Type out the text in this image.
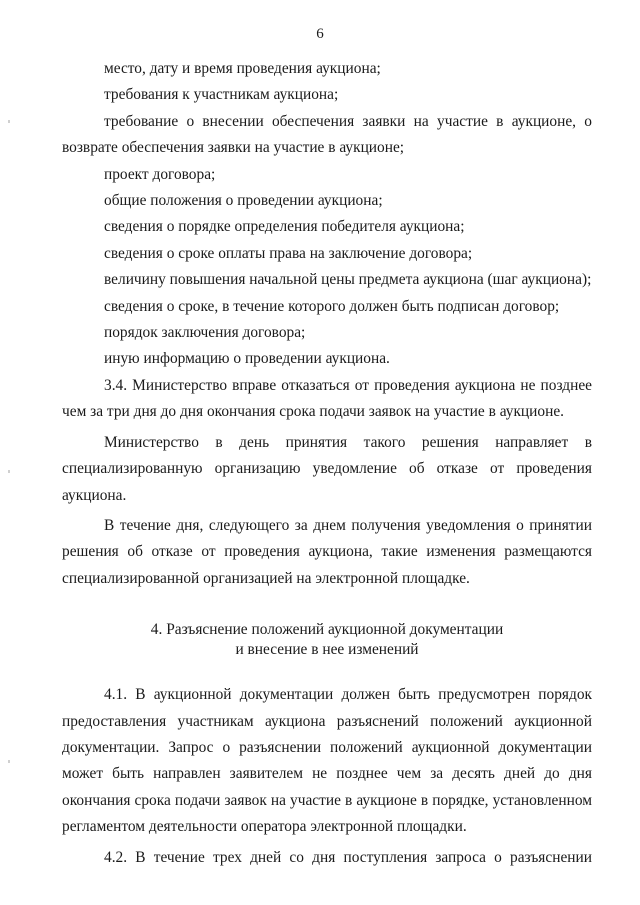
6

место, дату и время проведения аукциона;

требования к участникам аукциона;

требование о внесении обеспечения заявки на участие в аукционе, о возврате обеспечения заявки на участие в аукционе;

проект договора;

общие положения о проведении аукциона;

сведения о порядке определения победителя аукциона;

сведения о сроке оплаты права на заключение договора;

величину повышения начальной цены предмета аукциона (шаг аукциона);

сведения о сроке, в течение которого должен быть подписан договор;

порядок заключения договора;

иную информацию о проведении аукциона.

3.4. Министерство вправе отказаться от проведения аукциона не позднее чем за три дня до дня окончания срока подачи заявок на участие в аукционе.

Министерство в день принятия такого решения направляет в специализированную организацию уведомление об отказе от проведения аукциона.

В течение дня, следующего за днем получения уведомления о принятии решения об отказе от проведения аукциона, такие изменения размещаются специализированной организацией на электронной площадке.

4. Разъяснение положений аукционной документации
и внесение в нее изменений

4.1. В аукционной документации должен быть предусмотрен порядок предоставления участникам аукциона разъяснений положений аукционной документации. Запрос о разъяснении положений аукционной документации может быть направлен заявителем не позднее чем за десять дней до дня окончания срока подачи заявок на участие в аукционе в порядке, установленном регламентом деятельности оператора электронной площадки.

4.2. В течение трех дней со дня поступления запроса о разъяснении
